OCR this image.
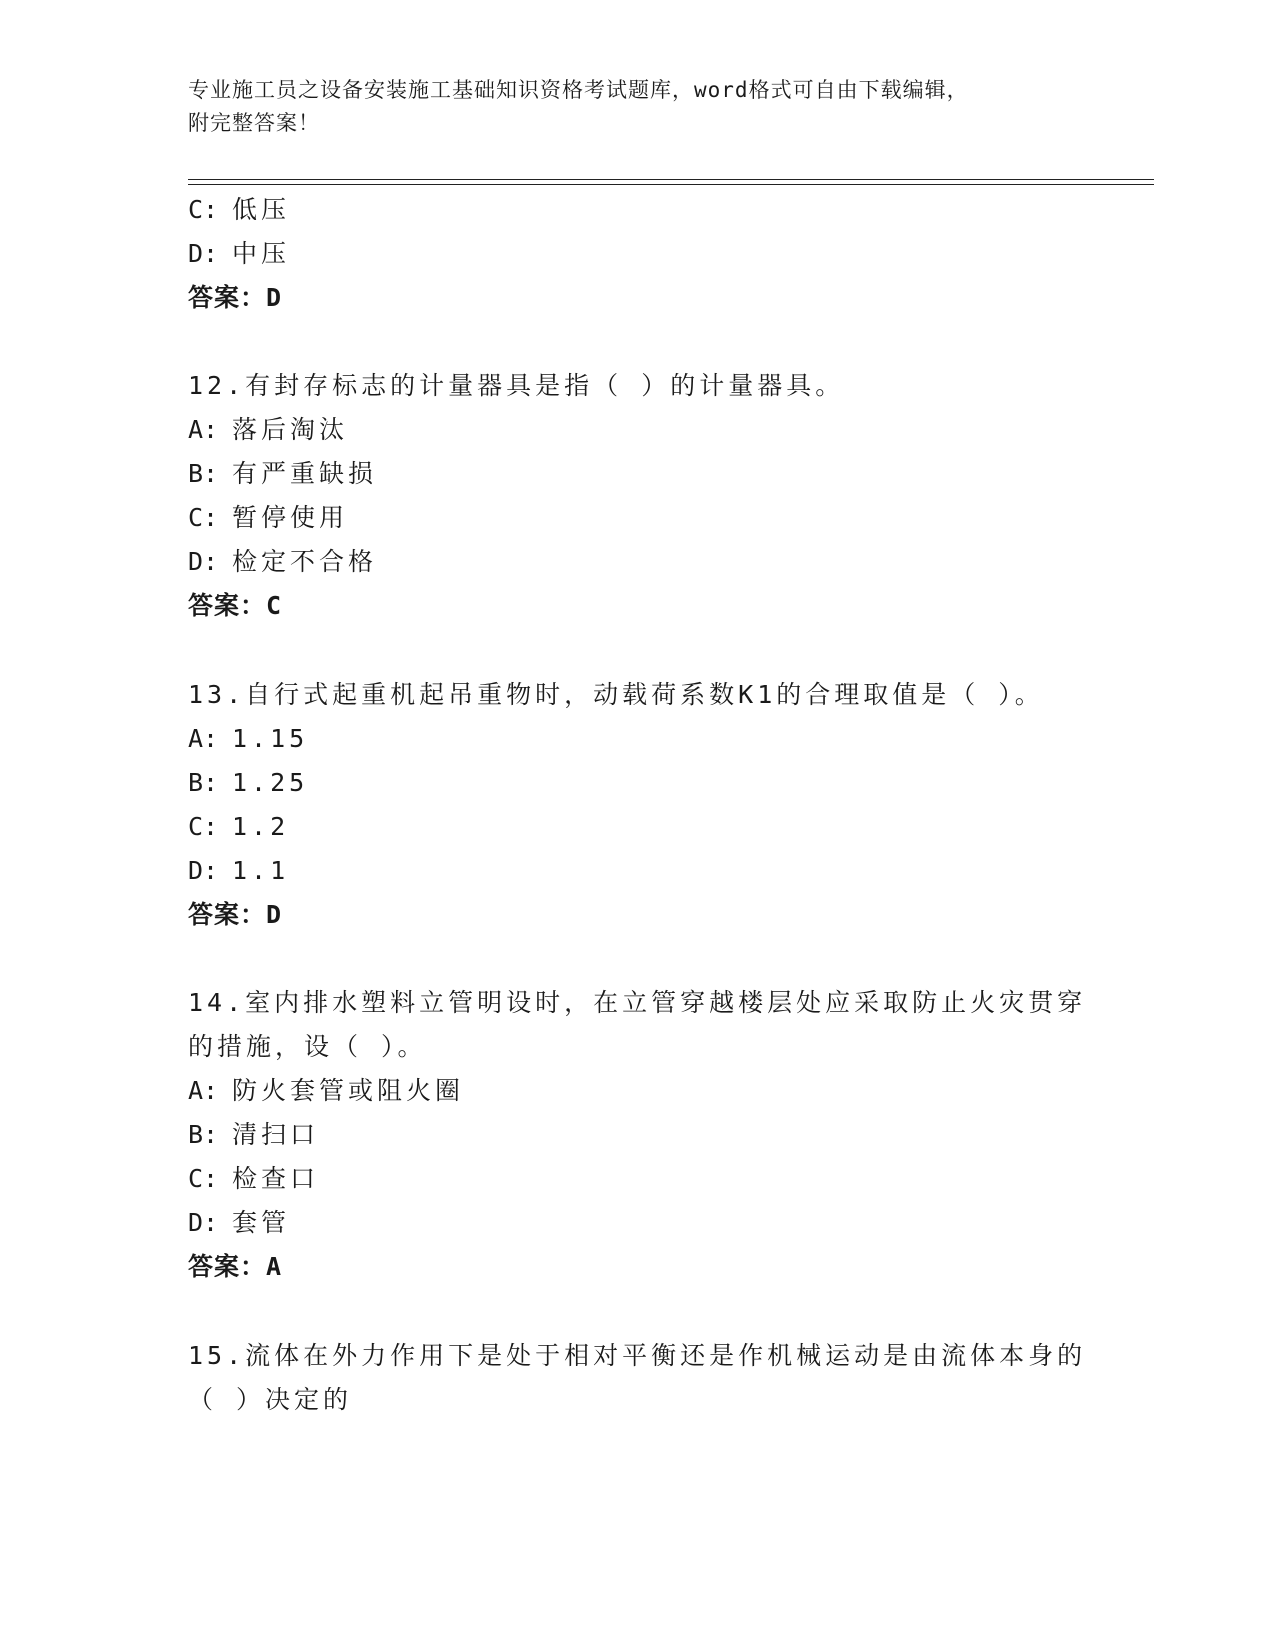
专业施工员之设备安装施工基础知识资格考试题库，word格式可自由下载编辑，
附完整答案！
C: 低压
D: 中压
答案：D
12.有封存标志的计量器具是指（ ）的计量器具。
A: 落后淘汰
B: 有严重缺损
C: 暂停使用
D: 检定不合格
答案：C
13.自行式起重机起吊重物时，动载荷系数K1的合理取值是（ ）。
A: 1.15
B: 1.25
C: 1.2
D: 1.1
答案：D
14.室内排水塑料立管明设时，在立管穿越楼层处应采取防止火灾贯穿
的措施，设（ ）。
A: 防火套管或阻火圈
B: 清扫口
C: 检查口
D: 套管
答案：A
15.流体在外力作用下是处于相对平衡还是作机械运动是由流体本身的
（ ）决定的
